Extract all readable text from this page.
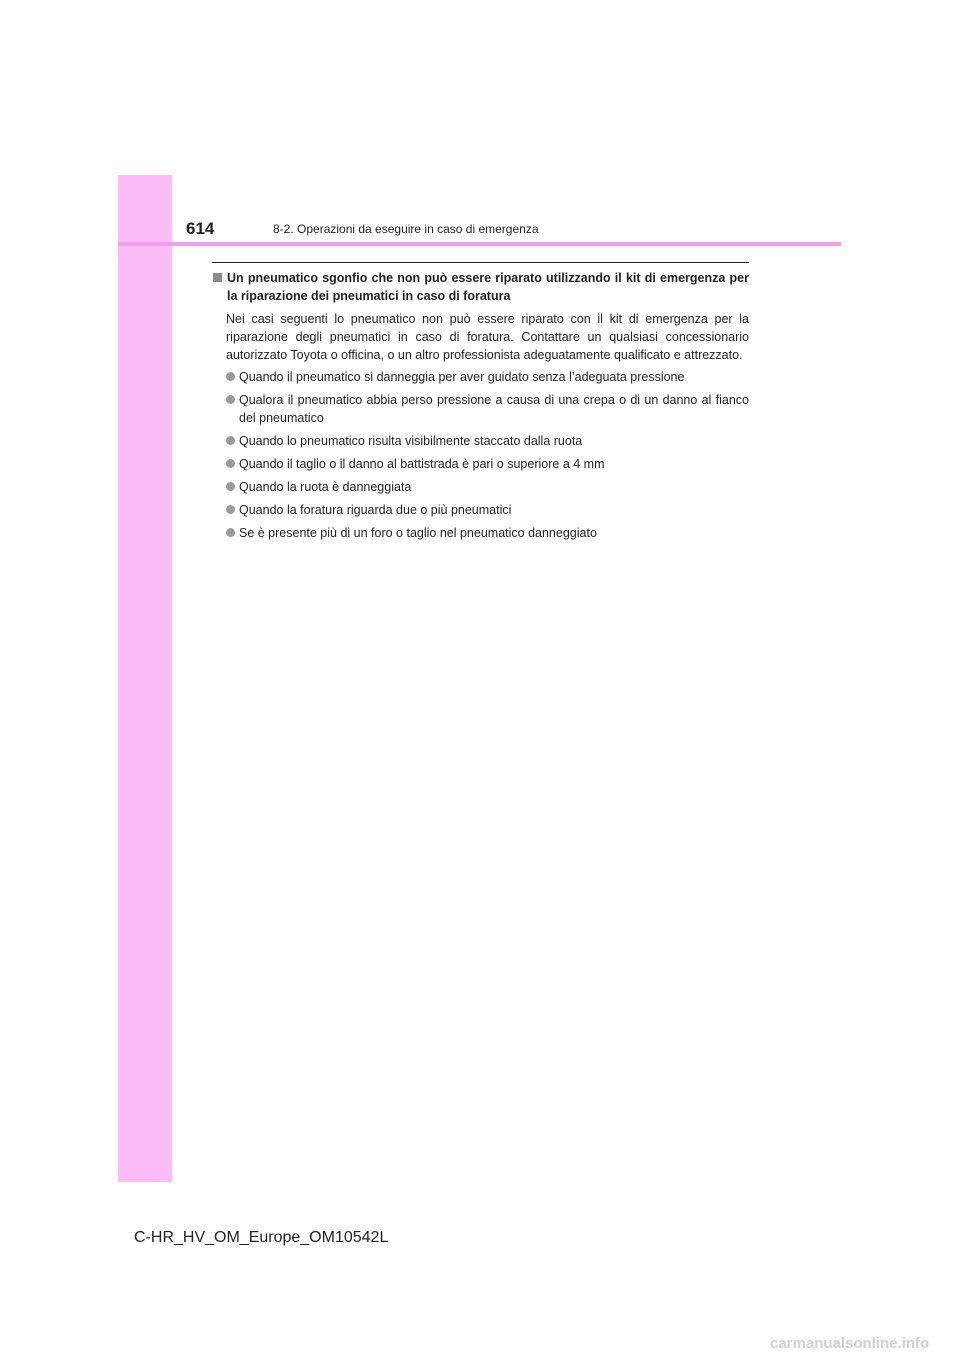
614	8-2. Operazioni da eseguire in caso di emergenza
Un pneumatico sgonfio che non può essere riparato utilizzando il kit di emergenza per la riparazione dei pneumatici in caso di foratura
Nei casi seguenti lo pneumatico non può essere riparato con il kit di emergenza per la riparazione degli pneumatici in caso di foratura. Contattare un qualsiasi concessionario autorizzato Toyota o officina, o un altro professionista adeguatamente qualificato e attrezzato.
Quando il pneumatico si danneggia per aver guidato senza l’adeguata pressione
Qualora il pneumatico abbia perso pressione a causa di una crepa o di un danno al fianco del pneumatico
Quando lo pneumatico risulta visibilmente staccato dalla ruota
Quando il taglio o il danno al battistrada è pari o superiore a 4 mm
Quando la ruota è danneggiata
Quando la foratura riguarda due o più pneumatici
Se è presente più di un foro o taglio nel pneumatico danneggiato
C-HR_HV_OM_Europe_OM10542L
carmanualsonline.info
